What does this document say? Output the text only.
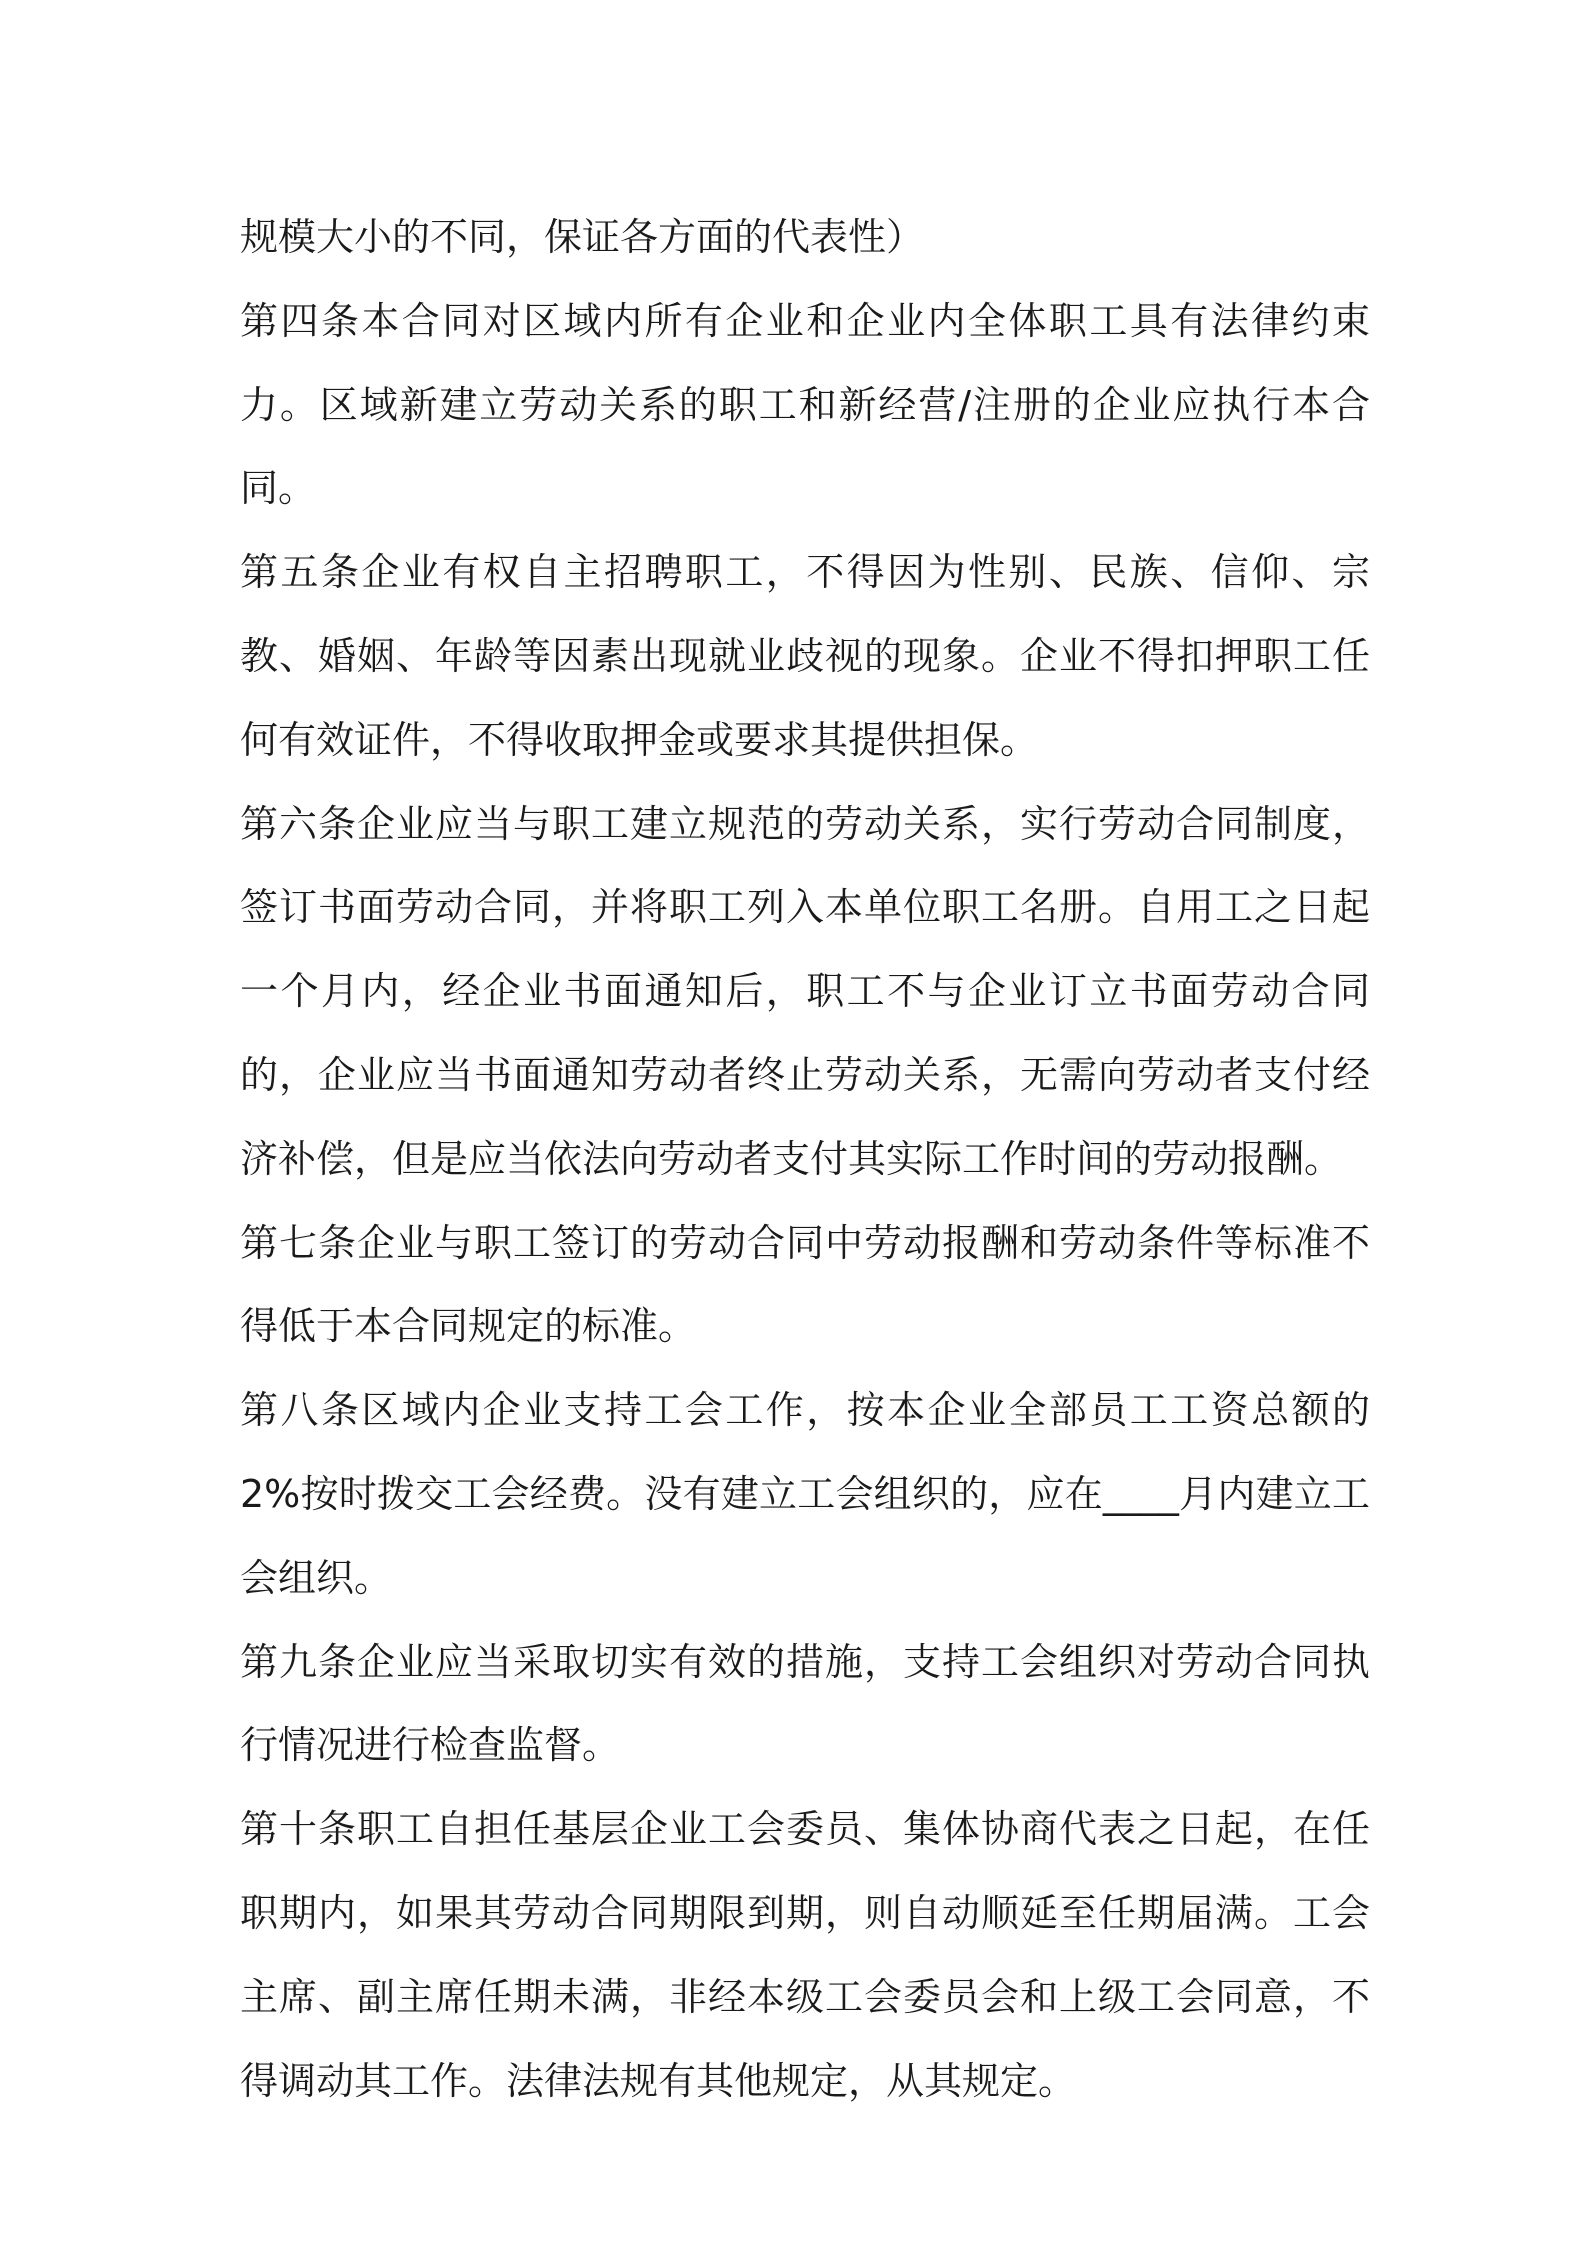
规模大小的不同，保证各方面的代表性）

第四条本合同对区域内所有企业和企业内全体职工具有法律约束力。区域新建立劳动关系的职工和新经营/注册的企业应执行本合同。

第五条企业有权自主招聘职工，不得因为性别、民族、信仰、宗教、婚姻、年龄等因素出现就业歧视的现象。企业不得扣押职工任何有效证件，不得收取押金或要求其提供担保。

第六条企业应当与职工建立规范的劳动关系，实行劳动合同制度，签订书面劳动合同，并将职工列入本单位职工名册。自用工之日起一个月内，经企业书面通知后，职工不与企业订立书面劳动合同的，企业应当书面通知劳动者终止劳动关系，无需向劳动者支付经济补偿，但是应当依法向劳动者支付其实际工作时间的劳动报酬。

第七条企业与职工签订的劳动合同中劳动报酬和劳动条件等标准不得低于本合同规定的标准。

第八条区域内企业支持工会工作，按本企业全部员工工资总额的 2%按时拨交工会经费。没有建立工会组织的，应在____月内建立工会组织。

第九条企业应当采取切实有效的措施，支持工会组织对劳动合同执行情况进行检查监督。

第十条职工自担任基层企业工会委员、集体协商代表之日起，在任职期内，如果其劳动合同期限到期，则自动顺延至任期届满。工会主席、副主席任期未满，非经本级工会委员会和上级工会同意，不得调动其工作。法律法规有其他规定，从其规定。
